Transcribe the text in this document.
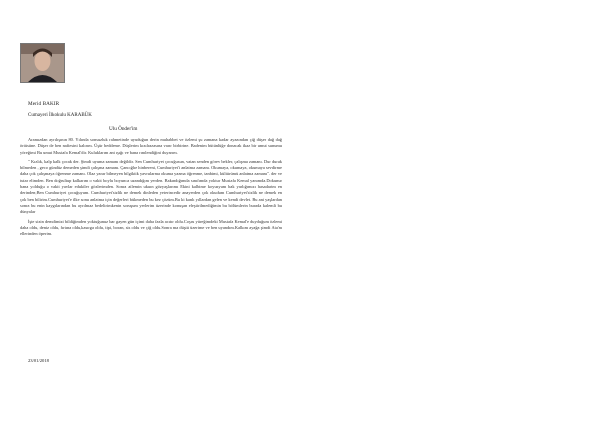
Merid BAKIR
Cumayeri İlkokulu KARABÜK
Ulu Önder'im

Aramızdan ayrılışının 80. Yılında sonsuzluk rahmetinde uyuduğun derin muhabbet ve özlemi şu zamana kadar ayazından çiğ düşer dağ dağ örtüsüne. Düşer de ben nafiesini kalırım. Üşür beddeme. Düşlerim kızılrazasına varır birbirine. Badenim bütünlüğe donacak ikaz bir umut sunumu yöreğimi Bu umut Mustafa Kemal'dir. Kuluklarım ant ışığı ve bana rınılendiğini duyarım.

" Kızlık, kalp kalk çocak der. Şimdi uyuma zamanı değildir. Sen Cumhuriyet çocuğusun, vatan senden görev bekler, çalışma zamanı. Dur durak bilmeden , geco gündüz demeden şimdi çalışma zamanı. Çancığlıe hinbereni, Cumhuriyet'i anlatma zamanı. Okumaya, okumaya, okumaya sevdirme daha çok çalışmaya öğrenme zamanı. Olaz yarar bilmeyen bilgiktik yavrularma okuma yazma öğrenme, tanbimi, kültürümü anlatma zamanı". der ve tutar elimden. Ben doğrultup kalkarım o vakit boylu boyunca uzandığım yerden. Bakındığımda sınıfımda yoktur Mustafa Kemal yanımda.Dokunur bana yolduğu o vakit yavlar edukiler gözlerimden. Sonra ailemin ukuın gözyaşlarımı Ekini kalbime koyusyum bak yarlığımızı hasadarim en derinden;Ben Cumhuriyet çocuğuyum. Cumhuriyet'sizlik ne demek dinleden yeterincedir anayerden çok okudum Cumhuriyet'sizlik ne demek en çok ben bilirim.Cumhuriyet'e ilke sonu anlatma için değerleri bükmeden bu kez çözüm.Bu ki kanlı yıllardan gelen ve kendi devlet. Bu ani yaşlardan sonra bu enin kaygılarından bu ayrılmaz bedelirimkenin soruşum yerlerim üzerinde konuşan eleştirilmediğimin bu bölümlerin burada kalemli bu dünyalar

İşte sizin demdimizi bildiğimden yoktuğunuz bar gayen gün içimi daha fazla acıtır oldu.Coşru yüreğimdeki Mustafa Kemal'e duyduğum özlemi daha oldu, deniz oldu, fırtına oldu,kasırga oldu, tipi, boran, sis oldu ve çiğ oldu.Sonra ma düştü üzerime ve ben uyandım.Kalkım ayağa şimdi Ata'm ellerinden öperim.

23/01/2018
